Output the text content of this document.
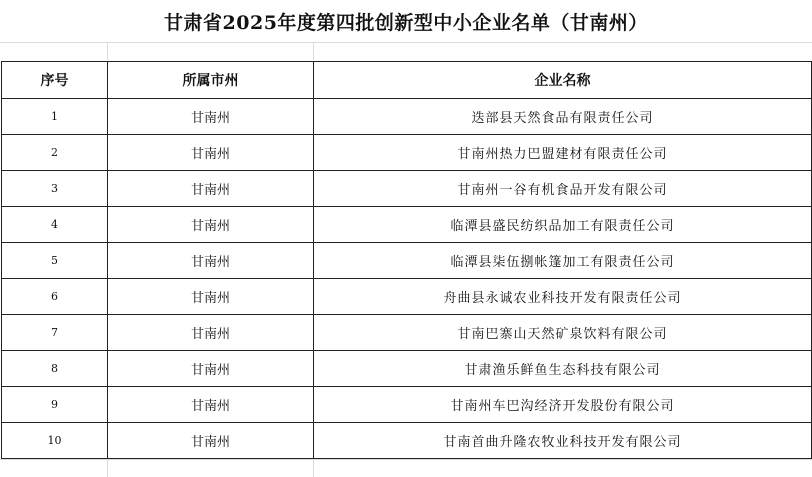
甘肃省2025年度第四批创新型中小企业名单（甘南州）
序号	所属市州	企业名称
1	甘南州	迭部县天然食品有限责任公司
2	甘南州	甘南州热力巴盟建材有限责任公司
3	甘南州	甘南州一谷有机食品开发有限公司
4	甘南州	临潭县盛民纺织品加工有限责任公司
5	甘南州	临潭县柒伍捌帐篷加工有限责任公司
6	甘南州	舟曲县永诚农业科技开发有限责任公司
7	甘南州	甘南巴寨山天然矿泉饮料有限公司
8	甘南州	甘肃渔乐鲜鱼生态科技有限公司
9	甘南州	甘南州车巴沟经济开发股份有限公司
10	甘南州	甘南首曲升隆农牧业科技开发有限公司
